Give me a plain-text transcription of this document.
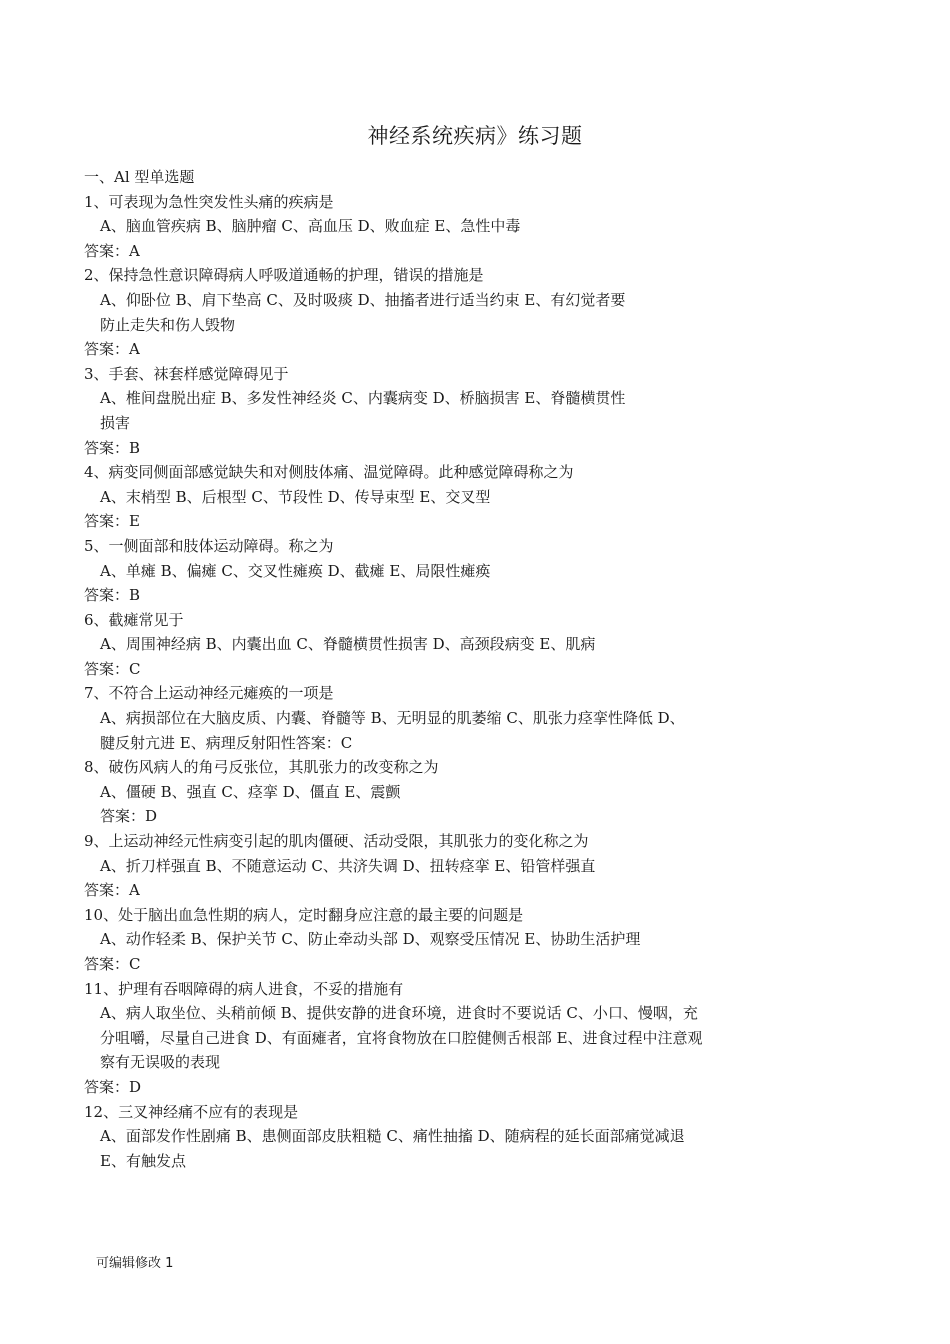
神经系统疾病》练习题
一、Al 型单选题
1、可表现为急性突发性头痛的疾病是
A、脑血管疾病 B、脑肿瘤 C、高血压 D、败血症 E、急性中毒
答案：A
2、保持急性意识障碍病人呼吸道通畅的护理，错误的措施是
A、仰卧位 B、肩下垫高 C、及时吸痰 D、抽搐者进行适当约束 E、有幻觉者要
防止走失和伤人毁物
答案：A
3、手套、袜套样感觉障碍见于
A、椎间盘脱出症 B、多发性神经炎 C、内囊病变 D、桥脑损害 E、脊髓横贯性
损害
答案：B
4、病变同侧面部感觉缺失和对侧肢体痛、温觉障碍。此种感觉障碍称之为
A、末梢型 B、后根型 C、节段性 D、传导束型 E、交叉型
答案：E
5、一侧面部和肢体运动障碍。称之为
A、单瘫 B、偏瘫 C、交叉性瘫痪 D、截瘫 E、局限性瘫痪
答案：B
6、截瘫常见于
A、周围神经病 B、内囊出血 C、脊髓横贯性损害 D、高颈段病变 E、肌病
答案：C
7、不符合上运动神经元瘫痪的一项是
A、病损部位在大脑皮质、内囊、脊髓等 B、无明显的肌萎缩 C、肌张力痉挛性降低 D、
腱反射亢进 E、病理反射阳性答案：C
8、破伤风病人的角弓反张位，其肌张力的改变称之为
A、僵硬 B、强直 C、痉挛 D、僵直 E、震颤
答案：D
9、上运动神经元性病变引起的肌肉僵硬、活动受限，其肌张力的变化称之为
A、折刀样强直 B、不随意运动 C、共济失调 D、扭转痉挛 E、铅管样强直
答案：A
10、处于脑出血急性期的病人，定时翻身应注意的最主要的问题是
A、动作轻柔 B、保护关节 C、防止牵动头部 D、观察受压情况 E、协助生活护理
答案：C
11、护理有吞咽障碍的病人进食，不妥的措施有
A、病人取坐位、头稍前倾 B、提供安静的进食环境，进食时不要说话 C、小口、慢咽，充
分咀嚼，尽量自己进食 D、有面瘫者，宜将食物放在口腔健侧舌根部 E、进食过程中注意观
察有无误吸的表现
答案：D
12、三叉神经痛不应有的表现是
A、面部发作性剧痛 B、患侧面部皮肤粗糙 C、痛性抽搐 D、随病程的延长面部痛觉减退
E、有触发点
可编辑修改 1
